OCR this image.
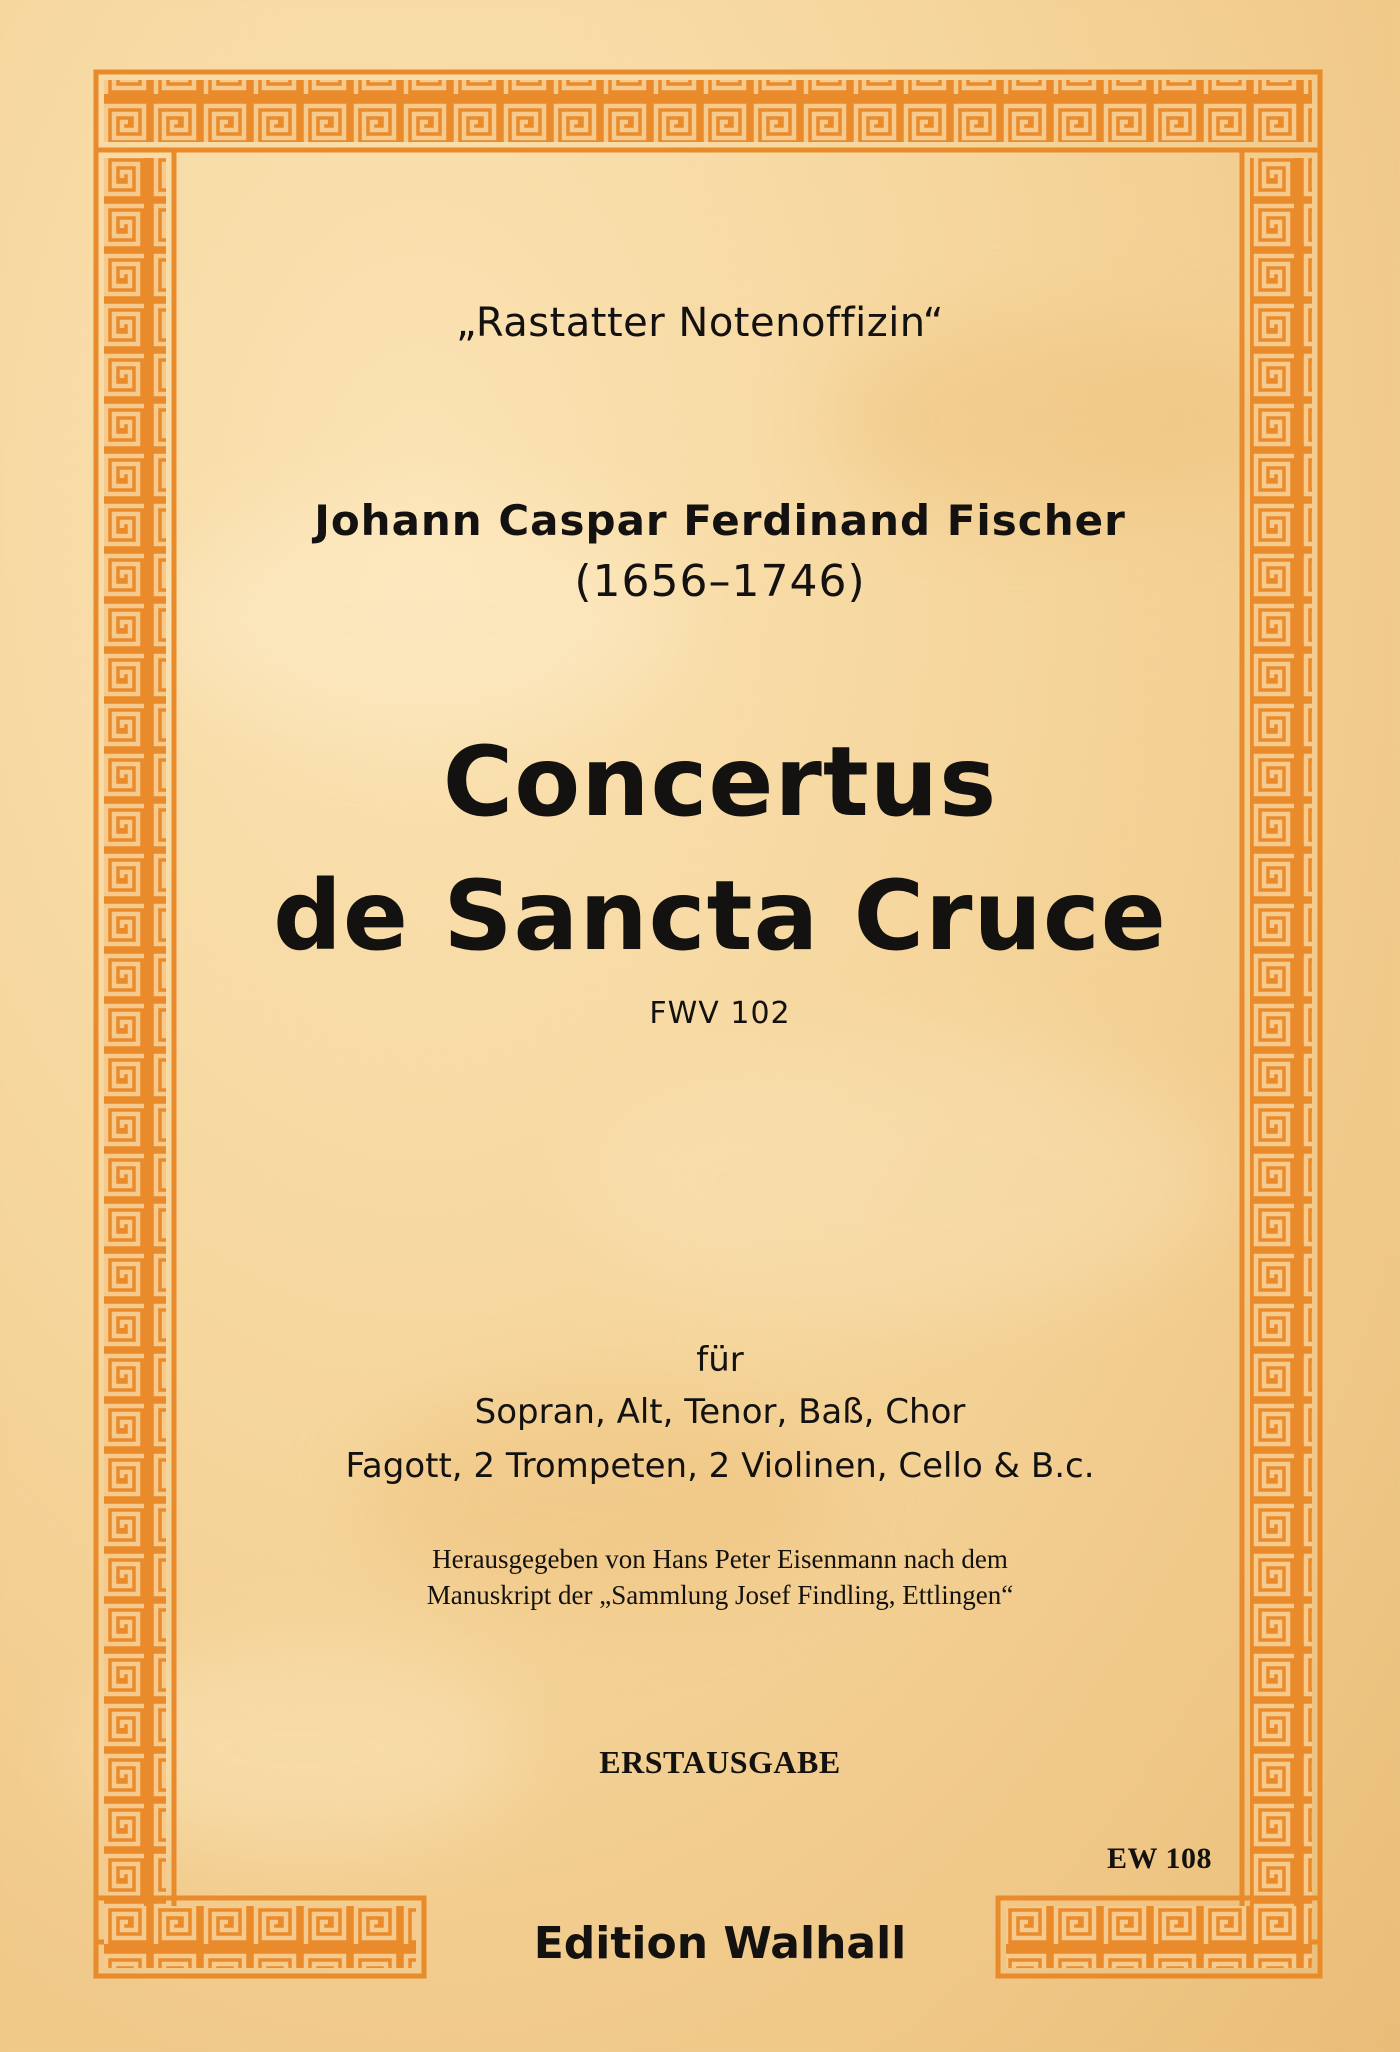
„Rastatter Notenoffizin“
Johann Caspar Ferdinand Fischer
(1656–1746)
Concertus
de Sancta Cruce
FWV 102
für
Sopran, Alt, Tenor, Baß, Chor
Fagott, 2 Trompeten, 2 Violinen, Cello & B.c.
Herausgegeben von Hans Peter Eisenmann nach dem
Manuskript der „Sammlung Josef Findling, Ettlingen“
ERSTAUSGABE
EW 108
Edition Walhall
